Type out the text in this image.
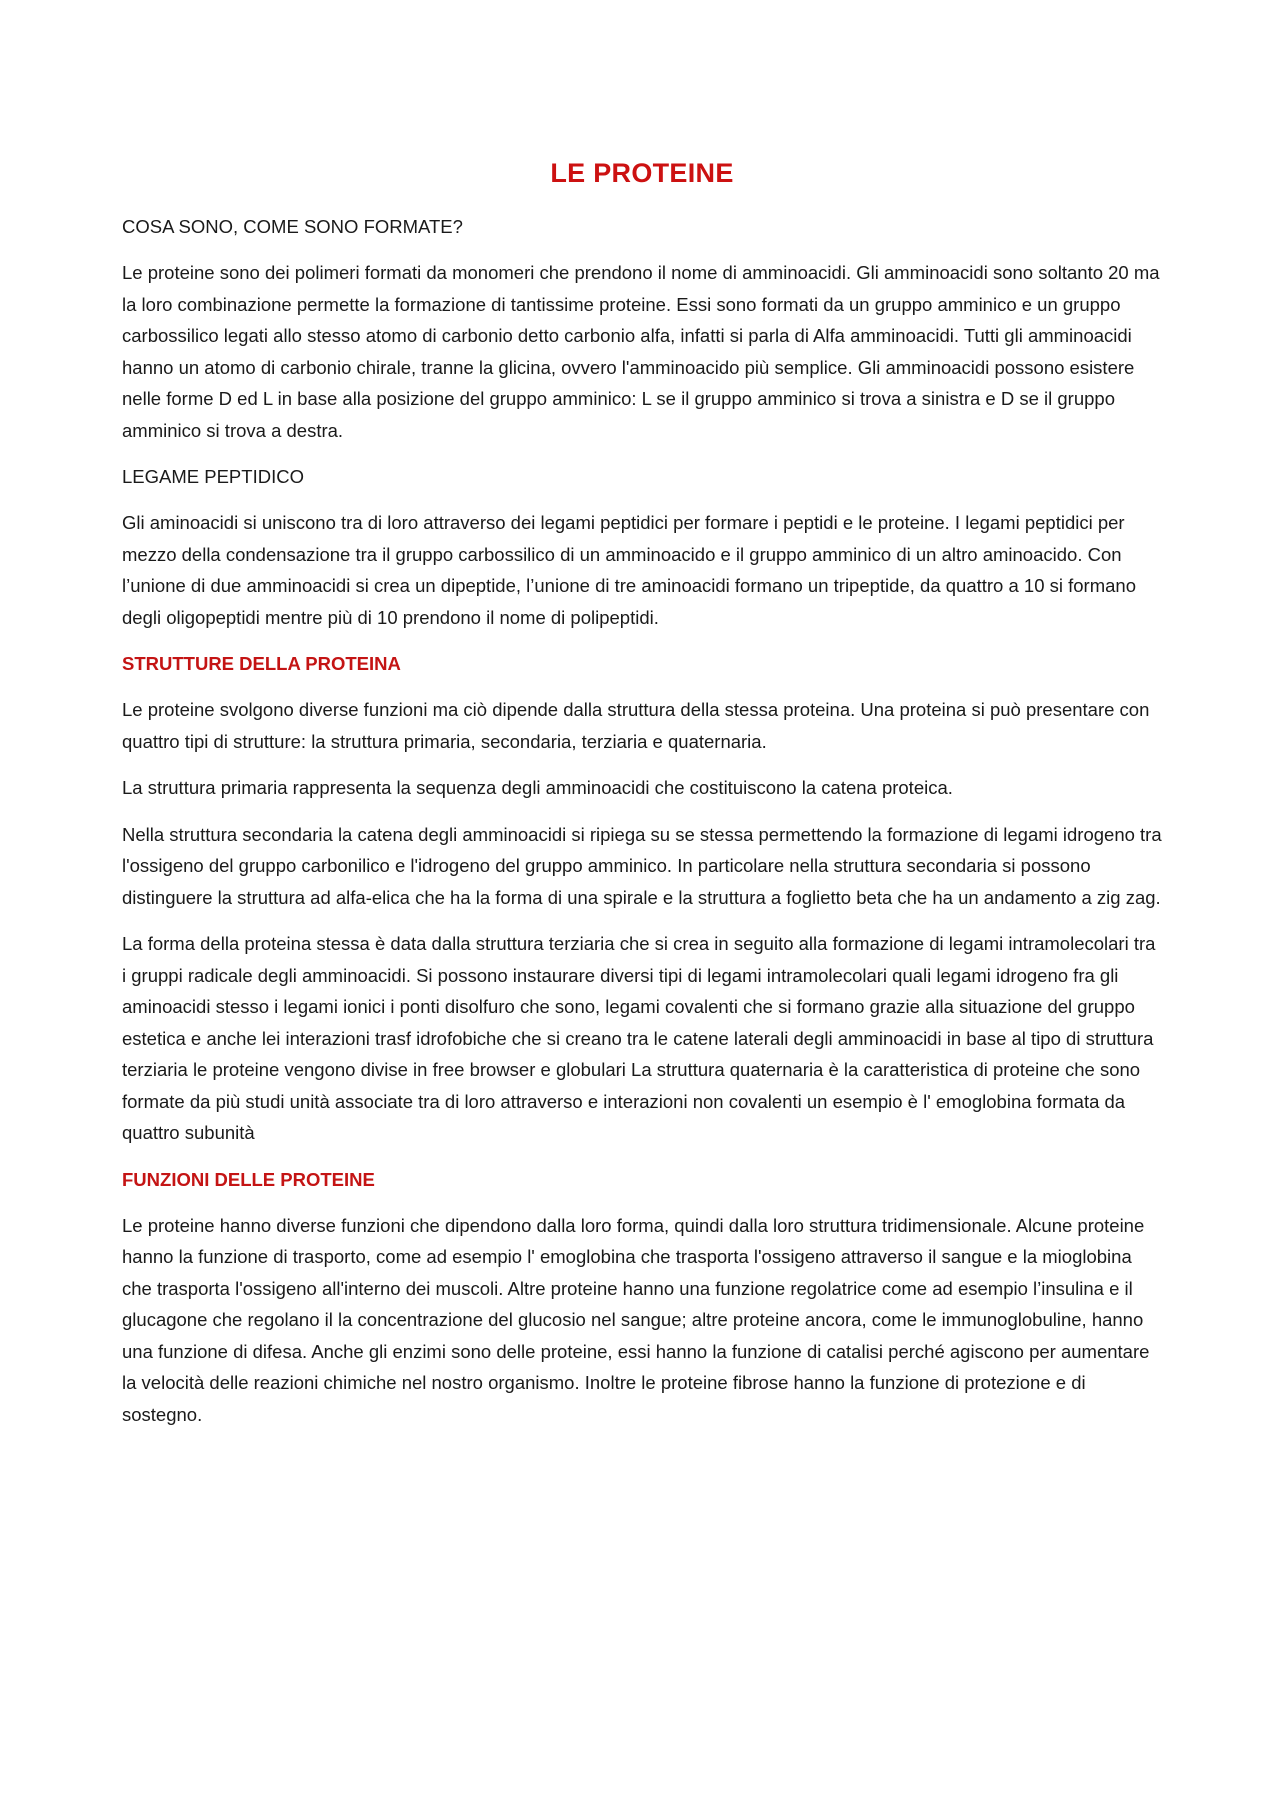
LE PROTEINE
COSA SONO, COME SONO FORMATE?

Le proteine sono dei polimeri formati da monomeri che prendono il nome di amminoacidi. Gli amminoacidi sono soltanto 20 ma la loro combinazione permette la formazione di tantissime proteine. Essi sono formati da un gruppo amminico e un gruppo carbossilico legati allo stesso atomo di carbonio detto carbonio alfa, infatti si parla di Alfa amminoacidi. Tutti gli amminoacidi hanno un atomo di carbonio chirale, tranne la glicina, ovvero l'amminoacido più semplice. Gli amminoacidi possono esistere nelle forme D ed L in base alla posizione del gruppo amminico: L se il gruppo amminico si trova a sinistra e D se il gruppo amminico si trova a destra.

LEGAME PEPTIDICO

Gli aminoacidi si uniscono tra di loro attraverso dei legami peptidici per formare i peptidi e le proteine. I legami peptidici per mezzo della condensazione tra il gruppo carbossilico di un amminoacido e il gruppo amminico di un altro aminoacido. Con l’unione di due amminoacidi si crea un dipeptide, l’unione di tre aminoacidi formano un tripeptide, da quattro a 10 si formano degli oligopeptidi mentre più di 10 prendono il nome di polipeptidi.

STRUTTURE DELLA PROTEINA

Le proteine svolgono diverse funzioni ma ciò dipende dalla struttura della stessa proteina. Una proteina si può presentare con quattro tipi di strutture: la struttura primaria, secondaria, terziaria e quaternaria.

La struttura primaria rappresenta la sequenza degli amminoacidi che costituiscono la catena proteica.

Nella struttura secondaria la catena degli amminoacidi si ripiega su se stessa permettendo la formazione di legami idrogeno tra l'ossigeno del gruppo carbonilico e l'idrogeno del gruppo amminico. In particolare nella struttura secondaria si possono distinguere la struttura ad alfa-elica che ha la forma di una spirale e la struttura a foglietto beta che ha un andamento a zig zag.

La forma della proteina stessa è data dalla struttura terziaria che si crea in seguito alla formazione di legami intramolecolari tra i gruppi radicale degli amminoacidi. Si possono instaurare diversi tipi di legami intramolecolari quali legami idrogeno fra gli aminoacidi stesso i legami ionici i ponti disolfuro che sono, legami covalenti che si formano grazie alla situazione del gruppo estetica e anche lei interazioni trasf idrofobiche che si creano tra le catene laterali degli amminoacidi in base al tipo di struttura terziaria le proteine vengono divise in free browser e globulari La struttura quaternaria è la caratteristica di proteine che sono formate da più studi unità associate tra di loro attraverso e interazioni non covalenti un esempio è l' emoglobina formata da quattro subunità

FUNZIONI DELLE PROTEINE

Le proteine hanno diverse funzioni che dipendono dalla loro forma, quindi dalla loro struttura tridimensionale. Alcune proteine hanno la funzione di trasporto, come ad esempio l' emoglobina che trasporta l'ossigeno attraverso il sangue e la mioglobina che trasporta l'ossigeno all'interno dei muscoli. Altre proteine hanno una funzione regolatrice come ad esempio l’insulina e il glucagone che regolano il la concentrazione del glucosio nel sangue; altre proteine ancora, come le immunoglobuline, hanno una funzione di difesa. Anche gli enzimi sono delle proteine, essi hanno la funzione di catalisi perché agiscono per aumentare la velocità delle reazioni chimiche nel nostro organismo. Inoltre le proteine fibrose hanno la funzione di protezione e di sostegno.
